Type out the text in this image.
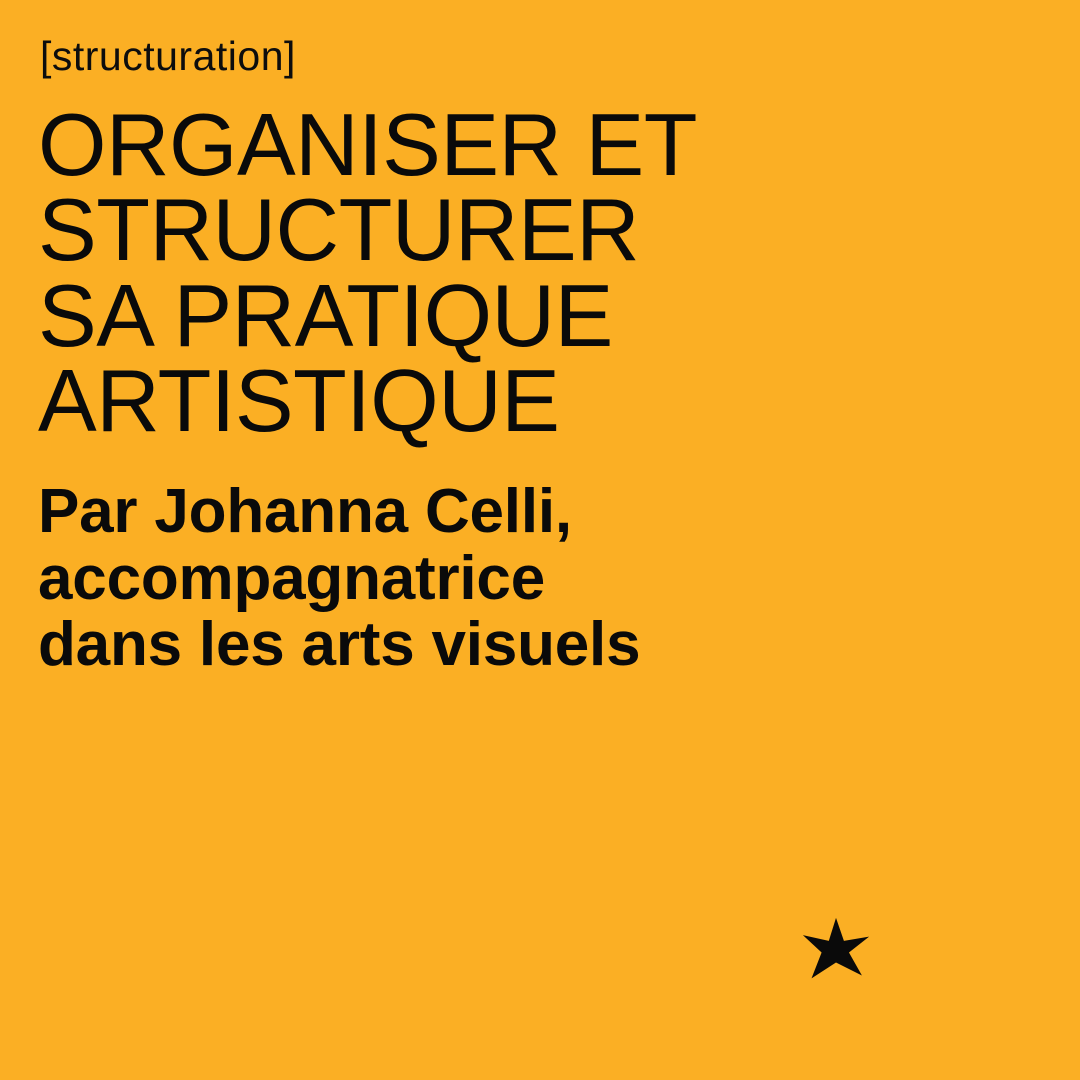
[structuration]

ORGANISER ET
STRUCTURER
SA PRATIQUE
ARTISTIQUE

Par Johanna Celli,
accompagnatrice
dans les arts visuels
